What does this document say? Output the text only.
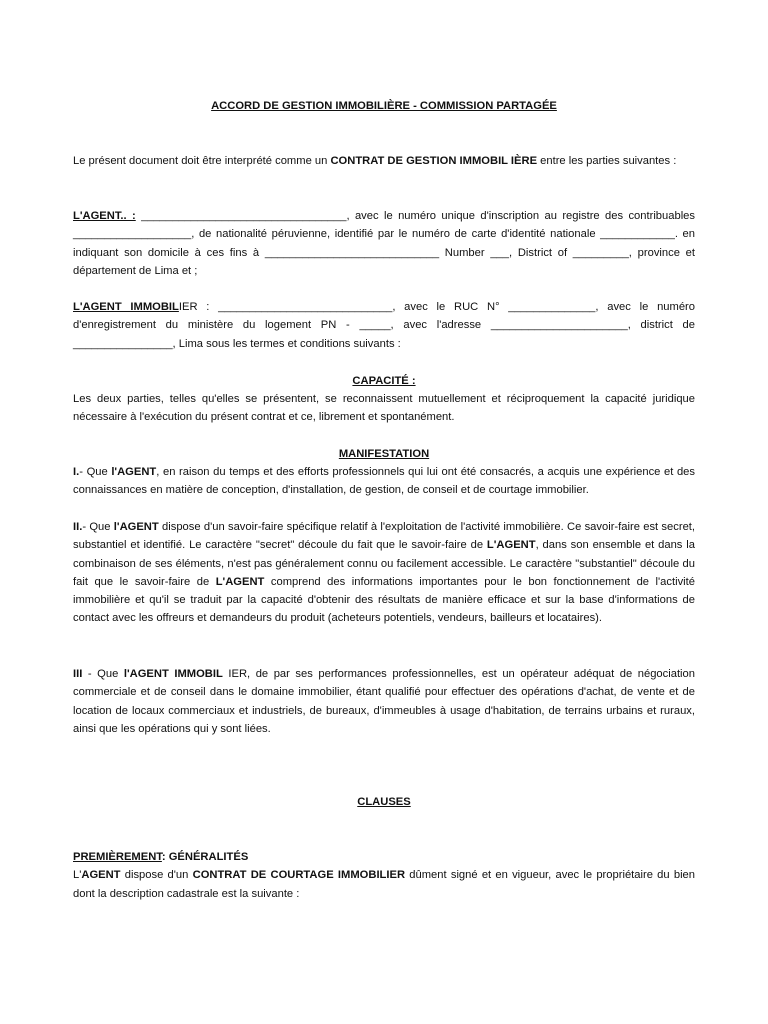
ACCORD DE GESTION IMMOBILIÈRE - COMMISSION PARTAGÉE

Le présent document doit être interprété comme un CONTRAT DE GESTION IMMOBIL IÈRE entre les parties suivantes :

L'AGENT.. : _________________________________, avec le numéro unique d'inscription au registre des contribuables ___________________, de nationalité péruvienne, identifié par le numéro de carte d'identité nationale ____________. en indiquant son domicile à ces fins à ____________________________ Number ___, District of _________, province et département de Lima et ;

L'AGENT IMMOBILIER : ____________________________, avec le RUC N° ______________, avec le numéro d'enregistrement du ministère du logement PN - _____, avec l'adresse ______________________, district de ________________, Lima sous les termes et conditions suivants :

CAPACITÉ :

Les deux parties, telles qu'elles se présentent, se reconnaissent mutuellement et réciproquement la capacité juridique nécessaire à l'exécution du présent contrat et ce, librement et spontanément.

MANIFESTATION

I.- Que l'AGENT, en raison du temps et des efforts professionnels qui lui ont été consacrés, a acquis une expérience et des connaissances en matière de conception, d'installation, de gestion, de conseil et de courtage immobilier.

II.- Que l'AGENT dispose d'un savoir-faire spécifique relatif à l'exploitation de l'activité immobilière. Ce savoir-faire est secret, substantiel et identifié. Le caractère "secret" découle du fait que le savoir-faire de L'AGENT, dans son ensemble et dans la combinaison de ses éléments, n'est pas généralement connu ou facilement accessible. Le caractère "substantiel" découle du fait que le savoir-faire de L'AGENT comprend des informations importantes pour le bon fonctionnement de l'activité immobilière et qu'il se traduit par la capacité d'obtenir des résultats de manière efficace et sur la base d'informations de contact avec les offreurs et demandeurs du produit (acheteurs potentiels, vendeurs, bailleurs et locataires).

III - Que l'AGENT IMMOBIL IER, de par ses performances professionnelles, est un opérateur adéquat de négociation commerciale et de conseil dans le domaine immobilier, étant qualifié pour effectuer des opérations d'achat, de vente et de location de locaux commerciaux et industriels, de bureaux, d'immeubles à usage d'habitation, de terrains urbains et ruraux, ainsi que les opérations qui y sont liées.

CLAUSES

PREMIÈREMENT: GÉNÉRALITÉS

L'AGENT dispose d'un CONTRAT DE COURTAGE IMMOBILIER dûment signé et en vigueur, avec le propriétaire du bien dont la description cadastrale est la suivante :
